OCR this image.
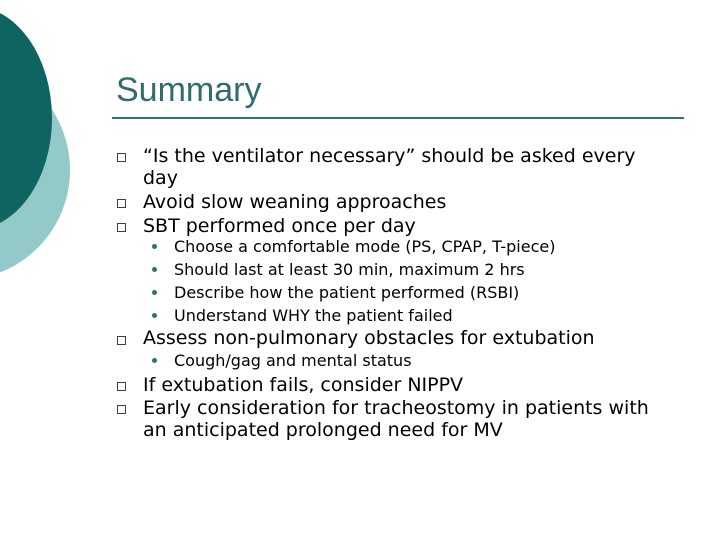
Summary
“Is the ventilator necessary” should be asked every day
Avoid slow weaning approaches
SBT performed once per day
Choose a comfortable mode (PS, CPAP, T-piece)
Should last at least 30 min, maximum 2 hrs
Describe how the patient performed (RSBI)
Understand WHY the patient failed
Assess non-pulmonary obstacles for extubation
Cough/gag and mental status
If extubation fails, consider NIPPV
Early consideration for tracheostomy in patients with an anticipated prolonged need for MV
